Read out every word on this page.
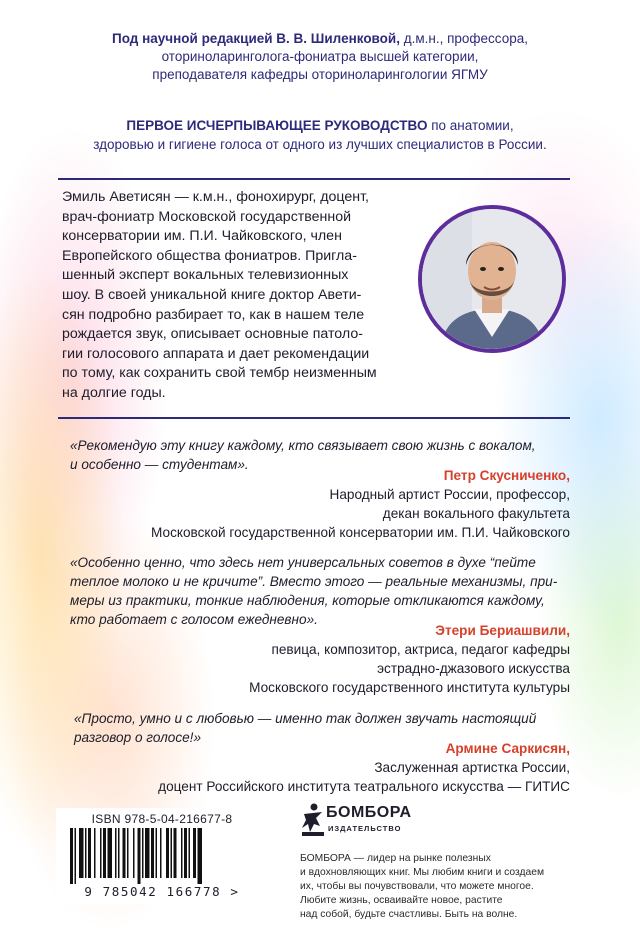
Под научной редакцией В. В. Шиленковой, д.м.н., профессора,
оториноларинголога-фониатра высшей категории,
преподавателя кафедры оториноларингологии ЯГМУ
ПЕРВОЕ ИСЧЕРПЫВАЮЩЕЕ РУКОВОДСТВО по анатомии,
здоровью и гигиене голоса от одного из лучших специалистов в России.
Эмиль Аветисян — к.м.н., фонохирург, доцент,
врач-фониатр Московской государственной
консерватории им. П.И. Чайковского, член
Европейского общества фониатров. Пригла-
шенный эксперт вокальных телевизионных
шоу. В своей уникальной книге доктор Авети-
сян подробно разбирает то, как в нашем теле
рождается звук, описывает основные патоло-
гии голосового аппарата и дает рекомендации
по тому, как сохранить свой тембр неизменным
на долгие годы.
«Рекомендую эту книгу каждому, кто связывает свою жизнь с вокалом,
и особенно — студентам».
Петр Скусниченко,
Народный артист России, профессор,
декан вокального факультета
Московской государственной консерватории им. П.И. Чайковского
«Особенно ценно, что здесь нет универсальных советов в духе “пейте
теплое молоко и не кричите”. Вместо этого — реальные механизмы, при-
меры из практики, тонкие наблюдения, которые откликаются каждому,
кто работает с голосом ежедневно».
Этери Бериашвили,
певица, композитор, актриса, педагог кафедры
эстрадно-джазового искусства
Московского государственного института культуры
«Просто, умно и с любовью — именно так должен звучать настоящий
разговор о голосе!»
Армине Саркисян,
Заслуженная артистка России,
доцент Российского института театрального искусства — ГИТИС
ISBN 978-5-04-216677-8
9 785042 166778 >
БОМБОРА
ИЗДАТЕЛЬСТВО
БОМБОРА — лидер на рынке полезных
и вдохновляющих книг. Мы любим книги и создаем
их, чтобы вы почувствовали, что можете многое.
Любите жизнь, осваивайте новое, растите
над собой, будьте счастливы. Быть на волне.
